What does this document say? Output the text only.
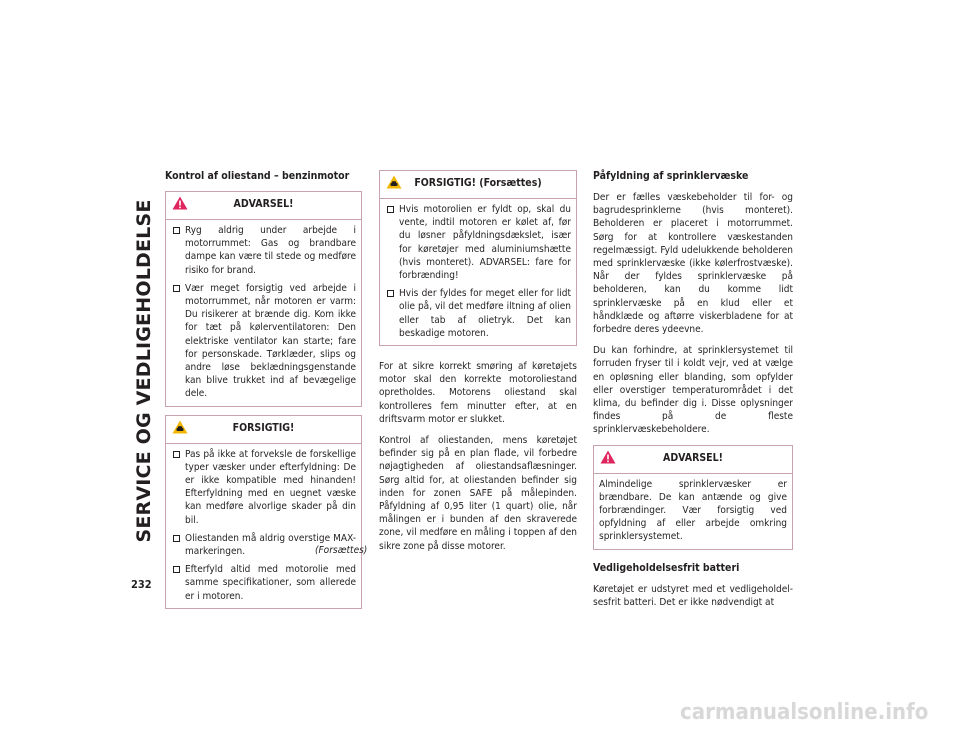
SERVICE OG VEDLIGEHOLDELSE
232
Kontrol af oliestand – benzinmotor
ADVARSEL!
Ryg aldrig under arbejde i motorrummet: Gas og brandbare dampe kan være til stede og medføre risiko for brand.
Vær meget forsigtig ved arbejde i motorrummet, når motoren er varm: Du risikerer at brænde dig. Kom ikke for tæt på kølerventilatoren: Den elektriske ventilator kan starte; fare for personskade. Tørklæder, slips og andre løse beklædningsgenstande kan blive trukket ind af bevægelige dele.
FORSIGTIG!
Pas på ikke at forveksle de forskellige typer væsker under efterfyldning: De er ikke kompatible med hinanden! Efterfyldning med en uegnet væske kan medføre alvorlige skader på din bil.
Oliestanden må aldrig overstige MAX-markeringen.
Efterfyld altid med motorolie med samme specifikationer, som allerede er i motoren.
(Forsættes)
FORSIGTIG! (Forsættes)
Hvis motorolien er fyldt op, skal du vente, indtil motoren er kølet af, før du løsner påfyldningsdækslet, især for køretøjer med aluminiumshætte (hvis monteret). ADVARSEL: fare for forbrænding!
Hvis der fyldes for meget eller for lidt olie på, vil det medføre iltning af olien eller tab af olietryk. Det kan beskadige motoren.

For at sikre korrekt smøring af køretøjets motor skal den korrekte motoroliestand opretholdes. Motorens oliestand skal kontrolleres fem minutter efter, at en driftsvarm motor er slukket.

Kontrol af oliestanden, mens køretøjet befinder sig på en plan flade, vil forbedre nøjagtigheden af oliestandsaflæsninger. Sørg altid for, at oliestanden befinder sig inden for zonen SAFE på målepinden. Påfyldning af 0,95 liter (1 quart) olie, når målingen er i bunden af den skraverede zone, vil medføre en måling i toppen af den sikre zone på disse motorer.

Påfyldning af sprinklervæske

Der er fælles væskebeholder til for- og bagrudesprinklerne (hvis monteret). Beholderen er placeret i motorrummet. Sørg for at kontrollere væskestanden regelmæssigt. Fyld udelukkende beholderen med sprinklervæske (ikke kølerfrostvæske). Når der fyldes sprinklervæske på beholderen, kan du komme lidt sprinklervæske på en klud eller et håndklæde og aftørre viskerbladene for at forbedre deres ydeevne.

Du kan forhindre, at sprinklersystemet til forruden fryser til i koldt vejr, ved at vælge en opløsning eller blanding, som opfylder eller overstiger temperaturområdet i det klima, du befinder dig i. Disse oplysninger findes på de fleste sprinklervæskebeholdere.

ADVARSEL!
Almindelige sprinklervæsker er brændbare. De kan antænde og give forbrændinger. Vær forsigtig ved opfyldning af eller arbejde omkring sprinklersystemet.
Vedligeholdelsesfrit batteri

Køretøjet er udstyret med et vedligeholdelsesfrit batteri. Det er ikke nødvendigt at

carmanualsonline.info
